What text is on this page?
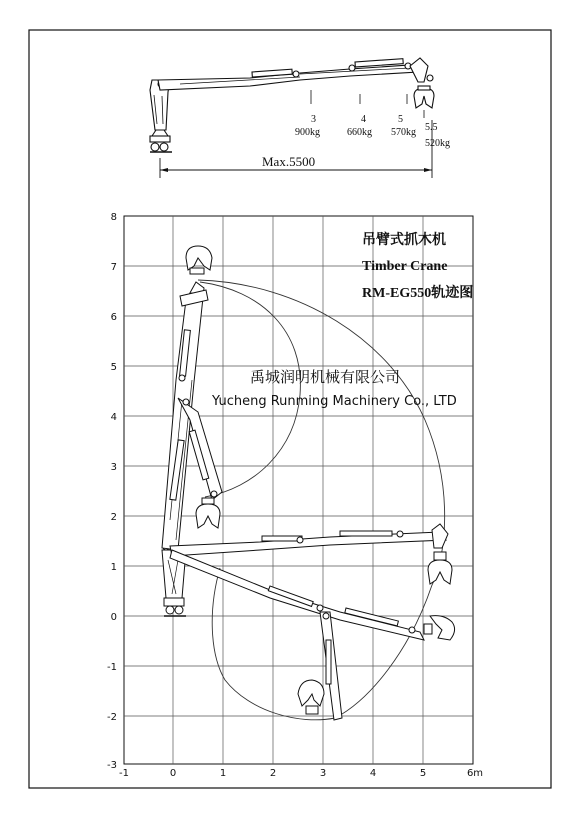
3
900kg
4
660kg
5
570kg 5.5
520kg
Max.5500
-1	0	1	2	3	4	5	6m
8
7
6
5
4
3
2
1
0
-1
-2
-3
吊臂式抓木机
Timber Crane
RM-EG550轨迹图
禹城润明机械有限公司
Yucheng Runming Machinery Co., LTD
